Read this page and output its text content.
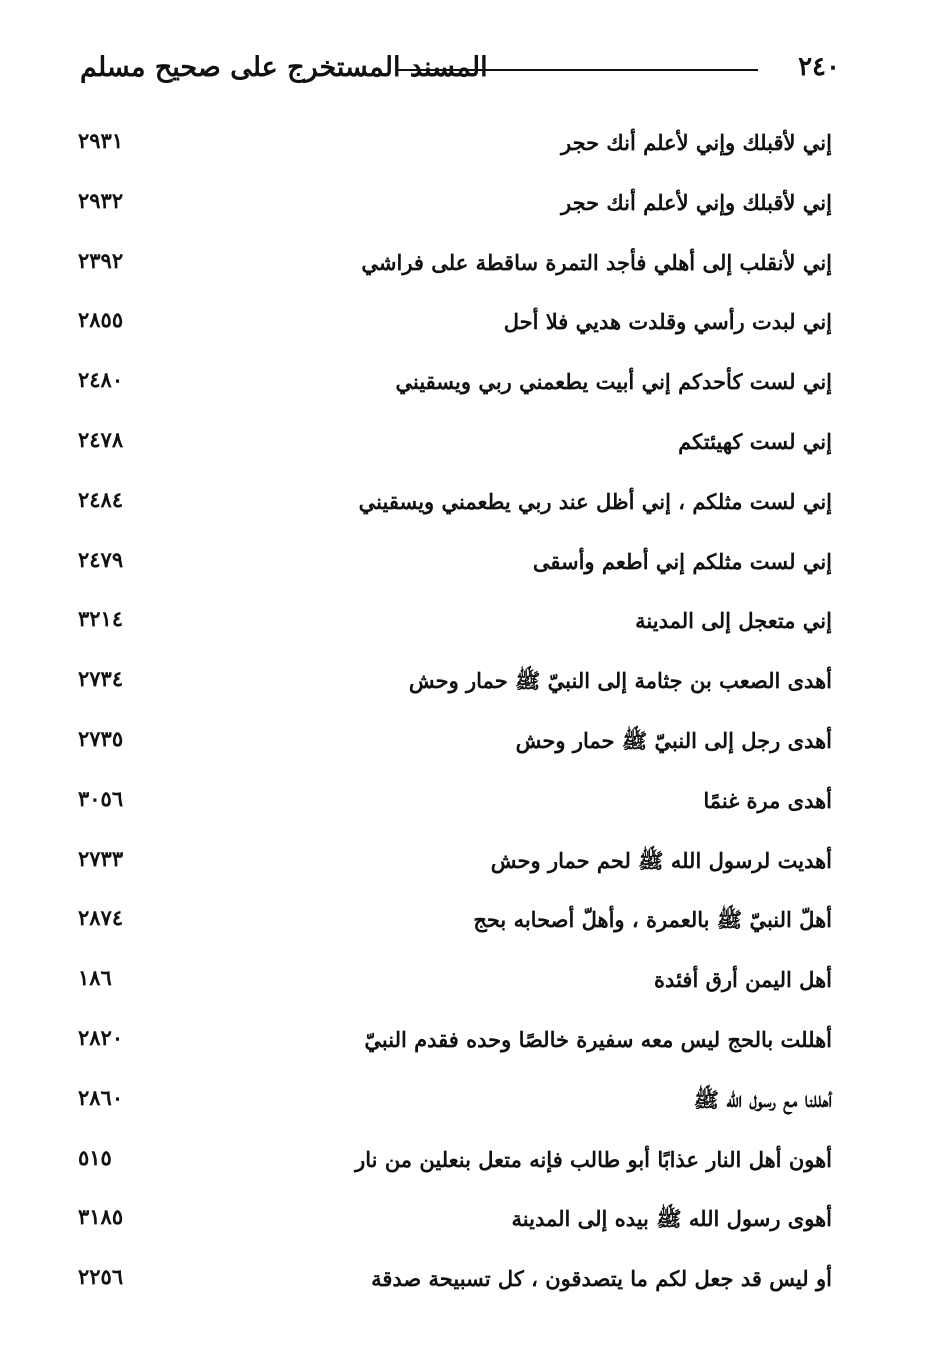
٢٤٠
المسند المستخرج على صحيح مسلم
إني لأقبلك وإني لأعلم أنك حجر
٢٩٣١
إني لأقبلك وإني لأعلم أنك حجر
٢٩٣٢
إني لأنقلب إلى أهلي فأجد التمرة ساقطة على فراشي
٢٣٩٢
إني لبدت رأسي وقلدت هديي فلا أحل
٢٨٥٥
إني لست كأحدكم إني أبيت يطعمني ربي ويسقيني
٢٤٨٠
إني لست كهيئتكم
٢٤٧٨
إني لست مثلكم ، إني أظل عند ربي يطعمني ويسقيني
٢٤٨٤
إني لست مثلكم إني أطعم وأسقى
٢٤٧٩
إني متعجل إلى المدينة
٣٢١٤
أهدى الصعب بن جثامة إلى النبيّ ﷺ حمار وحش
٢٧٣٤
أهدى رجل إلى النبيّ ﷺ حمار وحش
٢٧٣٥
أهدى مرة غنمًا
٣٠٥٦
أهديت لرسول الله ﷺ لحم حمار وحش
٢٧٣٣
أهلّ النبيّ ﷺ بالعمرة ، وأهلّ أصحابه بحج
٢٨٧٤
أهل اليمن أرق أفئدة
١٨٦
أهللت بالحج ليس معه سفيرة خالصًا وحده فقدم النبيّ
٢٨٢٠
أهللنا مع رسول الله ﷺ
٢٨٦٠
أهون أهل النار عذابًا أبو طالب فإنه متعل بنعلين من نار
٥١٥
أهوى رسول الله ﷺ بيده إلى المدينة
٣١٨٥
أو ليس قد جعل لكم ما يتصدقون ، كل تسبيحة صدقة
٢٢٥٦
